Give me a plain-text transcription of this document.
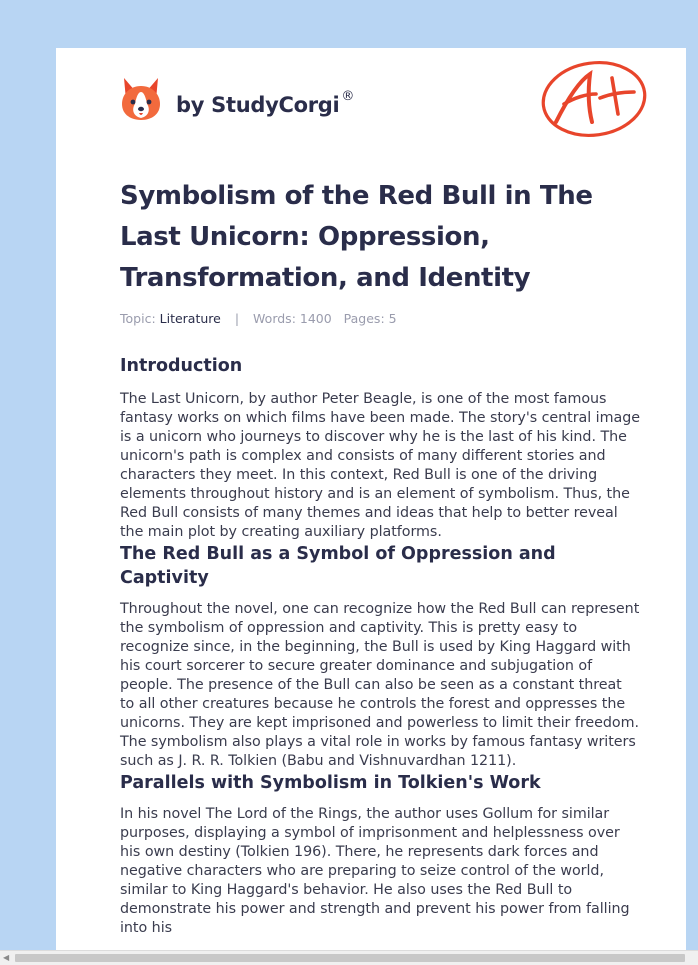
by StudyCorgi ®
Symbolism of the Red Bull in The Last Unicorn: Oppression, Transformation, and Identity
Topic: Literature | Words: 1400 Pages: 5
Introduction

The Last Unicorn, by author Peter Beagle, is one of the most famous fantasy works on which films have been made. The story's central image is a unicorn who journeys to discover why he is the last of his kind. The unicorn's path is complex and consists of many different stories and characters they meet. In this context, Red Bull is one of the driving elements throughout history and is an element of symbolism. Thus, the Red Bull consists of many themes and ideas that help to better reveal the main plot by creating auxiliary platforms.

The Red Bull as a Symbol of Oppression and Captivity

Throughout the novel, one can recognize how the Red Bull can represent the symbolism of oppression and captivity. This is pretty easy to recognize since, in the beginning, the Bull is used by King Haggard with his court sorcerer to secure greater dominance and subjugation of people. The presence of the Bull can also be seen as a constant threat to all other creatures because he controls the forest and oppresses the unicorns. They are kept imprisoned and powerless to limit their freedom. The symbolism also plays a vital role in works by famous fantasy writers such as J. R. R. Tolkien (Babu and Vishnuvardhan 1211).

Parallels with Symbolism in Tolkien's Work

In his novel The Lord of the Rings, the author uses Gollum for similar purposes, displaying a symbol of imprisonment and helplessness over his own destiny (Tolkien 196). There, he represents dark forces and negative characters who are preparing to seize control of the world, similar to King Haggard's behavior. He also uses the Red Bull to demonstrate his power and strength and prevent his power from falling into his

◀
